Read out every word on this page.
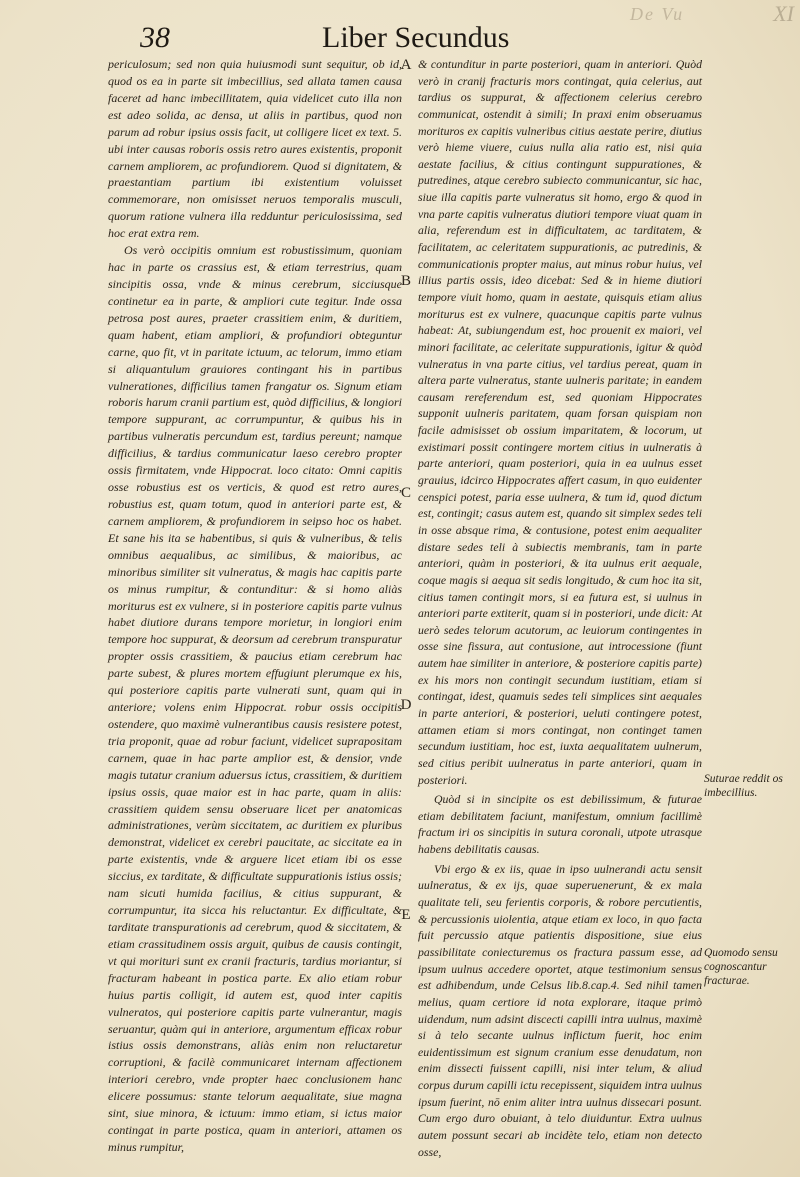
De Vu	XI
38	Liber Secundus

periculosum; sed non quia huiusmodi sunt sequitur, ob id, quod os ea in parte sit imbecillius, sed allata tamen causa faceret ad hanc imbecillitatem, quia videlicet cuto illa non est adeo solida, ac densa, ut aliis in partibus, quod non parum ad robur ipsius ossis facit, ut colligere licet ex text. 5. ubi inter causas roboris ossis retro aures existentis, proponit carnem ampliorem, ac profundiorem. Quod si dignitatem, & praestantiam partium ibi existentium voluisset commemorare, non omisisset neruos temporalis musculi, quorum ratione vulnera illa redduntur periculosissima, sed hoc erat extra rem.

Os verò occipitis omnium est robustissimum, quoniam hac in parte os crassius est, & etiam terrestrius, quam sincipitis ossa, vnde & minus cerebrum, sicciusque continetur ea in parte, & ampliori cute tegitur. Inde ossa petrosa post aures, praeter crassitiem enim, & duritiem, quam habent, etiam ampliori, & profundiori obteguntur carne, quo fit, vt in paritate ictuum, ac telorum, immo etiam si aliquantulum grauiores contingant his in partibus vulnerationes, difficilius tamen frangatur os. Signum etiam roboris harum cranii partium est, quòd difficilius, & longiori tempore suppurant, ac corrumpuntur, & quibus his in partibus vulneratis percundum est, tardius pereunt; namque difficilius, & tardius communicatur laeso cerebro propter ossis firmitatem, vnde Hippocrat. loco citato: Omni capitis osse robustius est os verticis, & quod est retro aures, robustius est, quam totum, quod in anteriori parte est, & carnem ampliorem, & profundiorem in seipso hoc os habet. Et sane his ita se habentibus, si quis & vulneribus, & telis omnibus aequalibus, ac similibus, & maioribus, ac minoribus similiter sit vulneratus, & magis hac capitis parte os minus rumpitur, & contunditur: & si homo aliàs moriturus est ex vulnere, si in posteriore capitis parte vulnus habet diutiore durans tempore morietur, in longiori enim tempore hoc suppurat, & deorsum ad cerebrum transpuratur propter ossis crassitiem, & paucius etiam cerebrum hac parte subest, & plures mortem effugiunt plerumque ex his, qui posteriore capitis parte vulnerati sunt, quam qui in anteriore; volens enim Hippocrat. robur ossis occipitis ostendere, quo maximè vulnerantibus causis resistere potest, tria proponit, quae ad robur faciunt, videlicet suprapositam carnem, quae in hac parte amplior est, & densior, vnde magis tutatur cranium aduersus ictus, crassitiem, & duritiem ipsius ossis, quae maior est in hac parte, quam in aliis: crassitiem quidem sensu obseruare licet per anatomicas administrationes, verùm siccitatem, ac duritiem ex pluribus demonstrat, videlicet ex cerebri paucitate, ac siccitate ea in parte existentis, vnde & arguere licet etiam ibi os esse siccius, ex tarditate, & difficultate suppurationis istius ossis; nam sicuti humida facilius, & citius suppurant, & corrumpuntur, ita sicca his reluctantur. Ex difficultate, & tarditate transpurationis ad cerebrum, quod & siccitatem, & etiam crassitudinem ossis arguit, quibus de causis contingit, vt qui morituri sunt ex cranii fracturis, tardius moriantur, si fracturam habeant in postica parte. Ex alio etiam robur huius partis colligit, id autem est, quod inter capitis vulneratos, qui posteriore capitis parte vulnerantur, magis seruantur, quàm qui in anteriore, argumentum efficax robur istius ossis demonstrans, aliàs enim non reluctaretur corruptioni, & facilè communicaret internam affectionem interiori cerebro, vnde propter haec conclusionem hanc elicere possumus: stante telorum aequalitate, siue magna sint, siue minora, & ictuum: immo etiam, si ictus maior contingat in parte postica, quam in anteriori, attamen os minus rumpitur,

A
B
C
D
E

& contunditur in parte posteriori, quam in anteriori. Quòd verò in cranij fracturis mors contingat, quia celerius, aut tardius os suppurat, & affectionem celerius cerebro communicat, ostendit à simili; In praxi enim obseruamus morituros ex capitis vulneribus citius aestate perire, diutius verò hieme viuere, cuius nulla alia ratio est, nisi quia aestate facilius, & citius contingunt suppurationes, & putredines, atque cerebro subiecto communicantur, sic hac, siue illa capitis parte vulneratus sit homo, ergo & quod in vna parte capitis vulneratus diutiori tempore viuat quam in alia, referendum est in difficultatem, ac tarditatem, & facilitatem, ac celeritatem suppurationis, ac putredinis, & communicationis propter maius, aut minus robur huius, vel illius partis ossis, ideo dicebat: Sed & in hieme diutiori tempore viuit homo, quam in aestate, quisquis etiam alius moriturus est ex vulnere, quacunque capitis parte vulnus habeat: At, subiungendum est, hoc prouenit ex maiori, vel minori facilitate, ac celeritate suppurationis, igitur & quòd vulneratus in vna parte citius, vel tardius pereat, quam in altera parte vulneratus, stante uulneris paritate; in eandem causam rereferendum est, sed quoniam Hippocrates supponit uulneris paritatem, quam forsan quispiam non facile admisisset ob ossium imparitatem, & locorum, ut existimari possit contingere mortem citius in uulneratis à parte anteriori, quam posteriori, quia in ea uulnus esset grauius, idcirco Hippocrates affert casum, in quo euidenter censpici potest, paria esse uulnera, & tum id, quod dictum est, contingit; casus autem est, quando sit simplex sedes teli in osse absque rima, & contusione, potest enim aequaliter distare sedes teli à subiectis membranis, tam in parte anteriori, quàm in posteriori, & ita uulnus erit aequale, coque magis si aequa sit sedis longitudo, & cum hoc ita sit, citius tamen contingit mors, si ea futura est, si uulnus in anteriori parte extiterit, quam si in posteriori, unde dicit: At uerò sedes telorum acutorum, ac leuiorum contingentes in osse sine fissura, aut contusione, aut introcessione (fiunt autem hae similiter in anteriore, & posteriore capitis parte) ex his mors non contingit secundum iustitiam, etiam si contingat, idest, quamuis sedes teli simplices sint aequales in parte anteriori, & posteriori, ueluti contingere potest, attamen etiam si mors contingat, non continget tamen secundum iustitiam, hoc est, iuxta aequalitatem uulnerum, sed citius peribit uulneratus in parte anteriori, quam in posteriori.

Quòd si in sincipite os est debilissimum, & futurae etiam debilitatem faciunt, manifestum, omnium facillimè fractum iri os sincipitis in sutura coronali, utpote utrasque habens debilitatis causas.

Vbi ergo & ex iis, quae in ipso uulnerandi actu sensit uulneratus, & ex ijs, quae superuenerunt, & ex mala qualitate teli, seu ferientis corporis, & robore percutientis, & percussionis uiolentia, atque etiam ex loco, in quo facta fuit percussio atque patientis dispositione, siue eius passibilitate coniecturemus os fractura passum esse, ad ipsum uulnus accedere oportet, atque testimonium sensus est adhibendum, unde Celsus lib.8.cap.4. Sed nihil tamen melius, quam certiore id nota explorare, itaque primò uidendum, num adsint discecti capilli intra uulnus, maximè si à telo secante uulnus inflictum fuerit, hoc enim euidentissimum est signum cranium esse denudatum, non enim dissecti fuissent capilli, nisi inter telum, & aliud corpus durum capilli ictu recepissent, siquidem intra uulnus ipsum fuerint, nō enim aliter intra uulnus dissecari posunt. Cum ergo duro obuiant, à telo diuiduntur. Extra uulnus autem possunt secari ab incidète telo, etiam non detecto osse,

Suturae reddit os imbecillius.
Quomodo sensu cognoscantur fracturae.
